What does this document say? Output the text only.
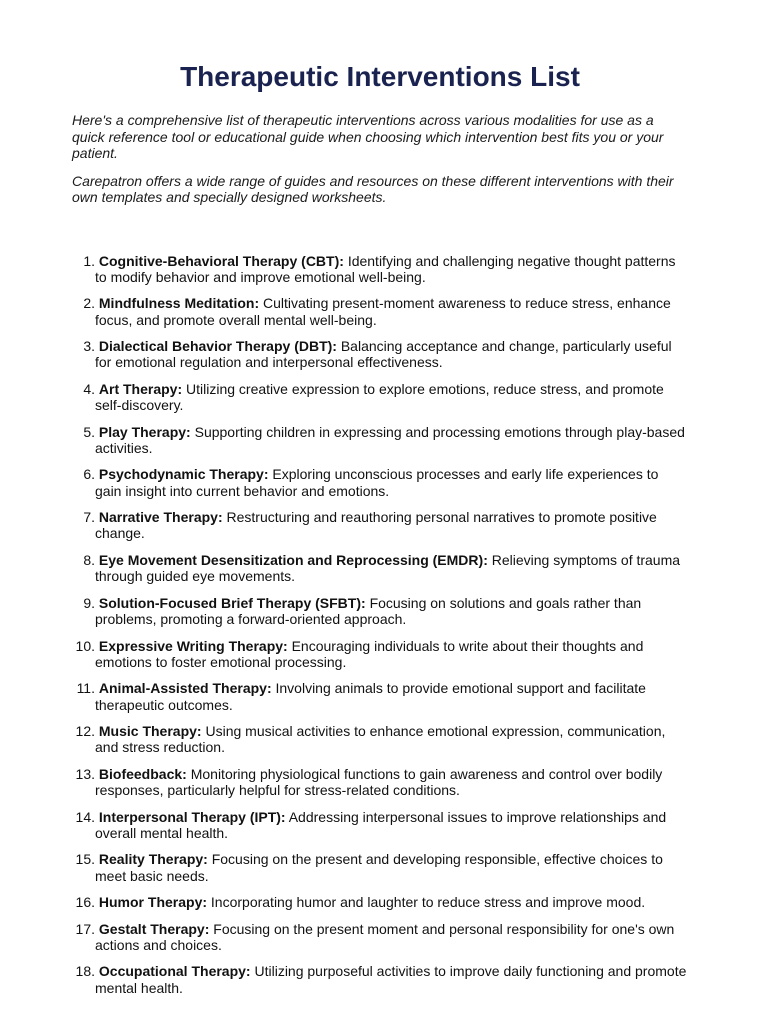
Therapeutic Interventions List

Here's a comprehensive list of therapeutic interventions across various modalities for use as a quick reference tool or educational guide when choosing which intervention best fits you or your patient.

Carepatron offers a wide range of guides and resources on these different interventions with their own templates and specially designed worksheets.

1. Cognitive-Behavioral Therapy (CBT): Identifying and challenging negative thought patterns to modify behavior and improve emotional well-being.
2. Mindfulness Meditation: Cultivating present-moment awareness to reduce stress, enhance focus, and promote overall mental well-being.
3. Dialectical Behavior Therapy (DBT): Balancing acceptance and change, particularly useful for emotional regulation and interpersonal effectiveness.
4. Art Therapy: Utilizing creative expression to explore emotions, reduce stress, and promote self-discovery.
5. Play Therapy: Supporting children in expressing and processing emotions through play-based activities.
6. Psychodynamic Therapy: Exploring unconscious processes and early life experiences to gain insight into current behavior and emotions.
7. Narrative Therapy: Restructuring and reauthoring personal narratives to promote positive change.
8. Eye Movement Desensitization and Reprocessing (EMDR): Relieving symptoms of trauma through guided eye movements.
9. Solution-Focused Brief Therapy (SFBT): Focusing on solutions and goals rather than problems, promoting a forward-oriented approach.
10. Expressive Writing Therapy: Encouraging individuals to write about their thoughts and emotions to foster emotional processing.
11. Animal-Assisted Therapy: Involving animals to provide emotional support and facilitate therapeutic outcomes.
12. Music Therapy: Using musical activities to enhance emotional expression, communication, and stress reduction.
13. Biofeedback: Monitoring physiological functions to gain awareness and control over bodily responses, particularly helpful for stress-related conditions.
14. Interpersonal Therapy (IPT): Addressing interpersonal issues to improve relationships and overall mental health.
15. Reality Therapy: Focusing on the present and developing responsible, effective choices to meet basic needs.
16. Humor Therapy: Incorporating humor and laughter to reduce stress and improve mood.
17. Gestalt Therapy: Focusing on the present moment and personal responsibility for one's own actions and choices.
18. Occupational Therapy: Utilizing purposeful activities to improve daily functioning and promote mental health.
